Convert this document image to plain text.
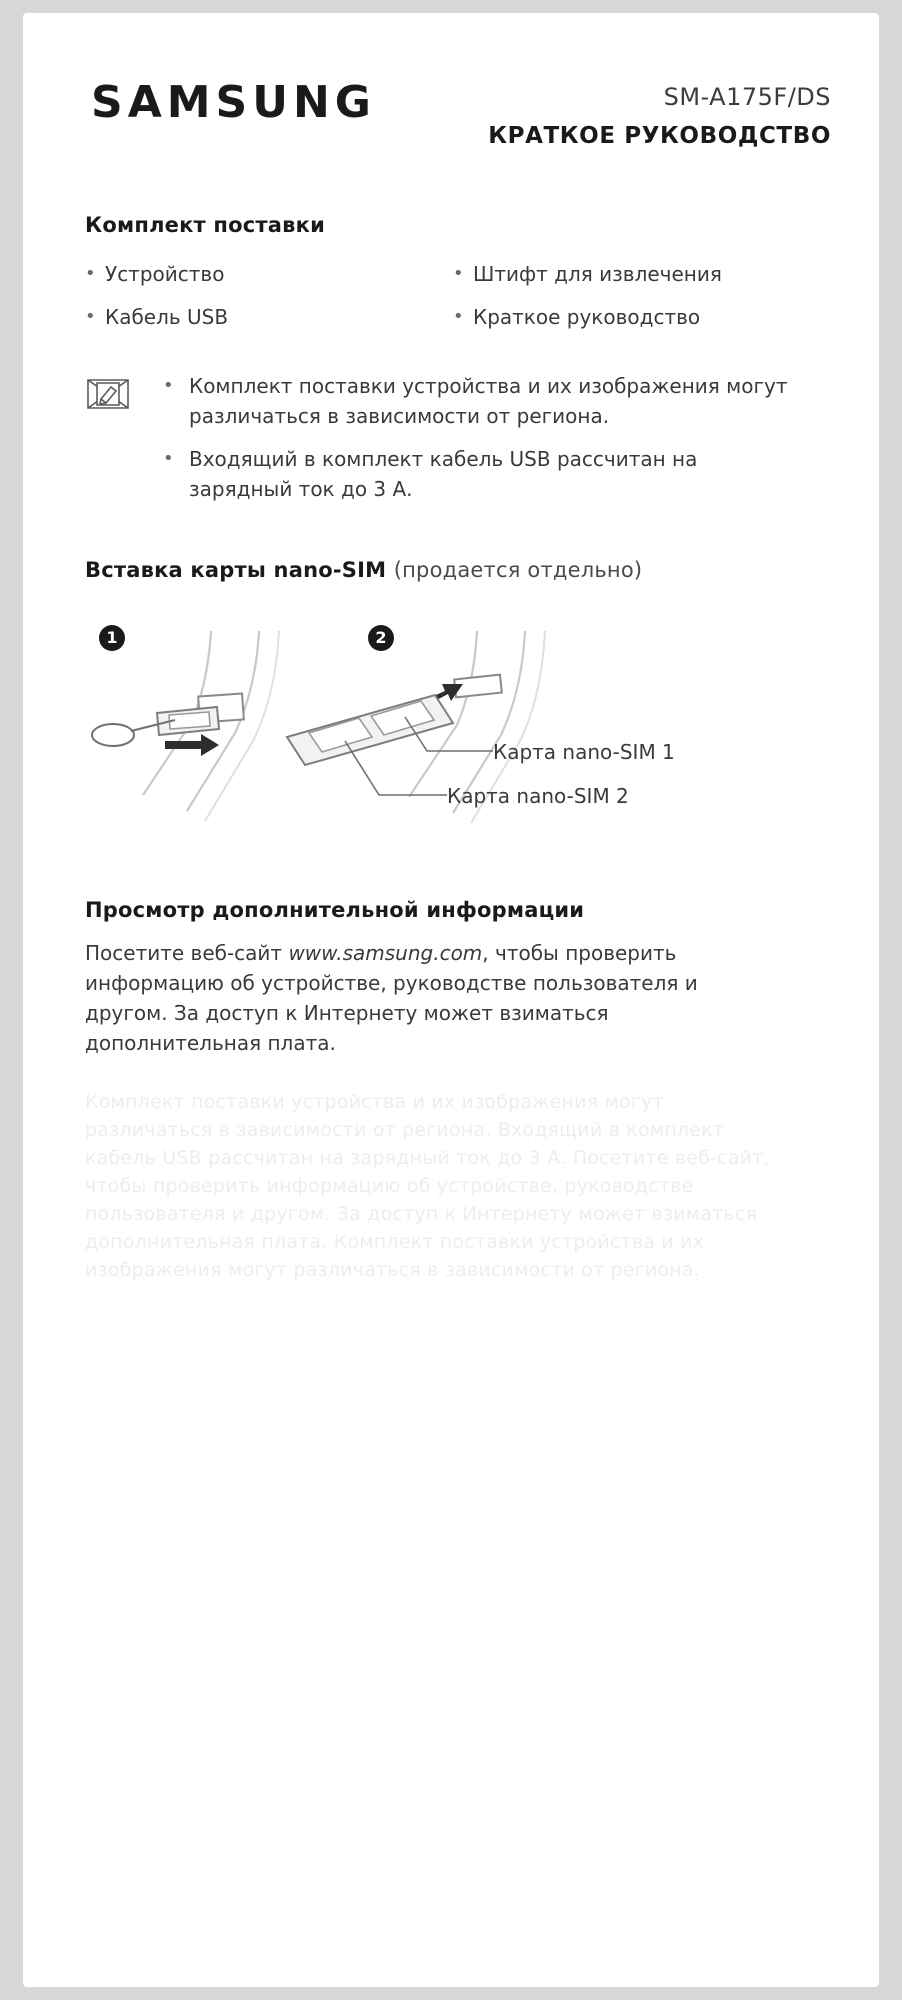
SAMSUNG	SM-A175F/DS
КРАТКОЕ РУКОВОДСТВО
Комплект поставки
• Устройство
• Кабель USB
• Штифт для извлечения
• Краткое руководство
• Комплект поставки устройства и их изображения могут различаться в зависимости от региона.
• Входящий в комплект кабель USB рассчитан на зарядный ток до 3 А.
Вставка карты nano-SIM (продается отдельно)
1	2
Карта nano-SIM 1
Карта nano-SIM 2
Просмотр дополнительной информации
Посетите веб-сайт www.samsung.com, чтобы проверить информацию об устройстве, руководстве пользователя и другом. За доступ к Интернету может взиматься дополнительная плата.
Комплект поставки устройства и их изображения могут различаться в зависимости от региона. Входящий в комплект кабель USB рассчитан на зарядный ток до 3 А. Посетите веб-сайт, чтобы проверить информацию об устройстве, руководстве пользователя и другом. За доступ к Интернету может взиматься дополнительная плата. Комплект поставки устройства и их изображения могут различаться в зависимости от региона.
